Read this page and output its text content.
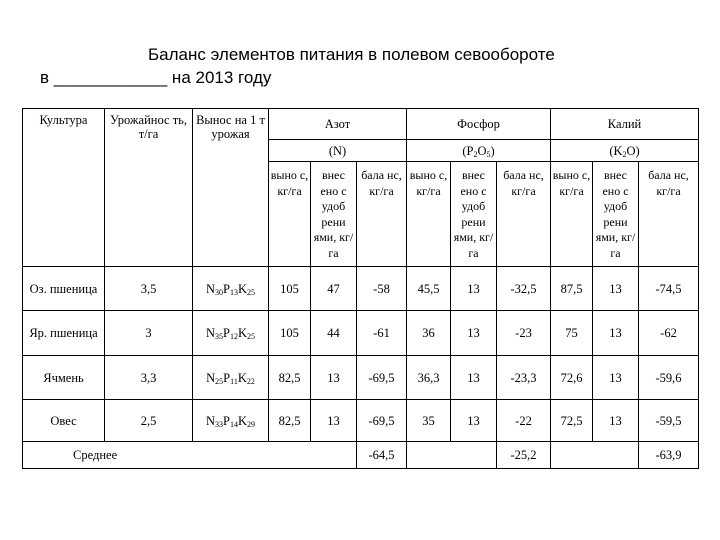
Баланс элементов питания в полевом севообороте
в ____________ на 2013 году
Культура	Урожайнос ть, т/га	Вынос на 1 т урожая	Азот			Фосфор			Калий		
			(N)			$(P_2O_5)$			$(K_2O)$		
			выно с, кг/га	внес ено с удоб рени ями, кг/га	бала нс, кг/га	выно с, кг/га	внес ено с удоб рени ями, кг/га	бала нс, кг/га	выно с, кг/га	внес ено с удоб рени ями, кг/га	бала нс, кг/га
Оз. пшеница	3,5	$N_{30}P_{13}K_{25}$	105	47	-58	45,5	13	-32,5	87,5	13	-74,5
Яр. пшеница	3	$N_{35}P_{12}K_{25}$	105	44	-61	36	13	-23	75	13	-62
Ячмень	3,3	$N_{25}P_{11}K_{22}$	82,5	13	-69,5	36,3	13	-23,3	72,6	13	-59,6
Овес	2,5	$N_{33}P_{14}K_{29}$	82,5	13	-69,5	35	13	-22	72,5	13	-59,5
Среднее					-64,5			-25,2			-63,9
